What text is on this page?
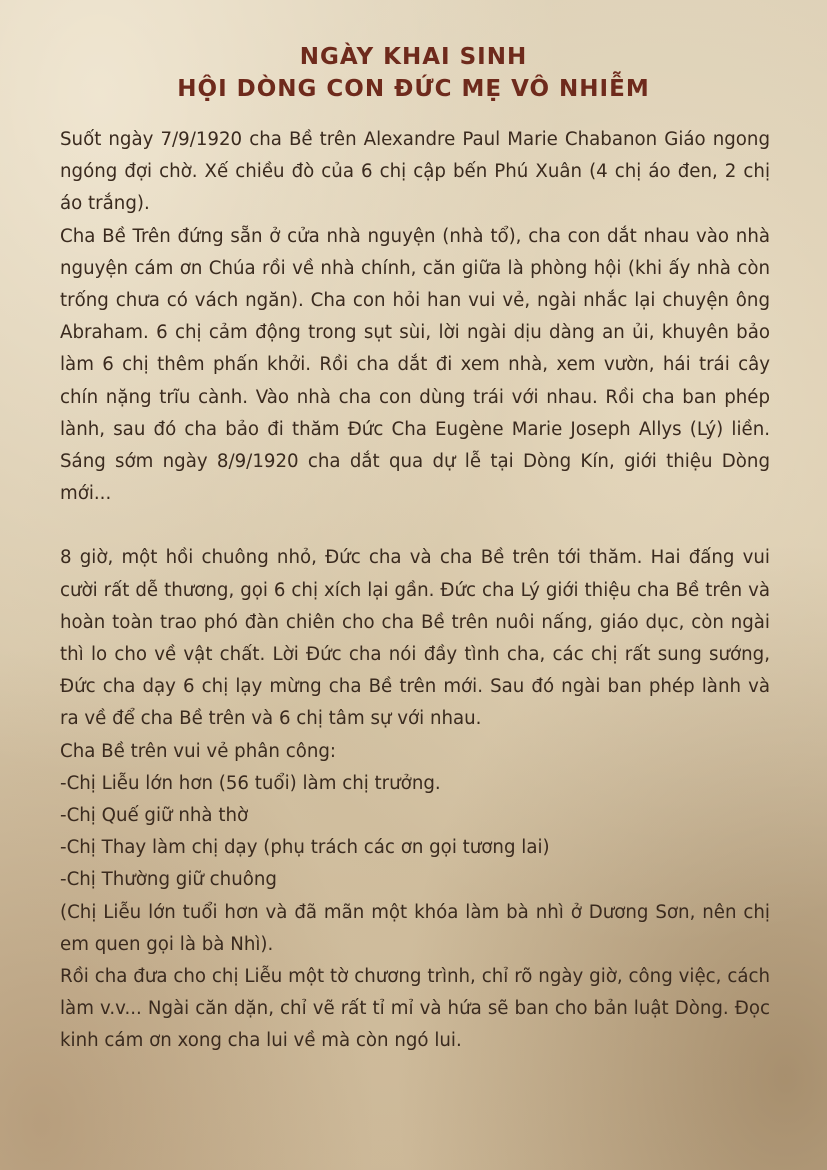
NGÀY KHAI SINH
HỘI DÒNG CON ĐỨC MẸ VÔ NHIỄM

Suốt ngày 7/9/1920 cha Bề trên Alexandre Paul Marie Chabanon Giáo ngong ngóng đợi chờ. Xế chiều đò của 6 chị cập bến Phú Xuân (4 chị áo đen, 2 chị áo trắng).

Cha Bề Trên đứng sẵn ở cửa nhà nguyện (nhà tổ), cha con dắt nhau vào nhà nguyện cám ơn Chúa rồi về nhà chính, căn giữa là phòng hội (khi ấy nhà còn trống chưa có vách ngăn). Cha con hỏi han vui vẻ, ngài nhắc lại chuyện ông Abraham. 6 chị cảm động trong sụt sùi, lời ngài dịu dàng an ủi, khuyên bảo làm 6 chị thêm phấn khởi. Rồi cha dắt đi xem nhà, xem vườn, hái trái cây chín nặng trĩu cành. Vào nhà cha con dùng trái với nhau. Rồi cha ban phép lành, sau đó cha bảo đi thăm Đức Cha Eugène Marie Joseph Allys (Lý) liền. Sáng sớm ngày 8/9/1920 cha dắt qua dự lễ tại Dòng Kín, giới thiệu Dòng mới...

8 giờ, một hồi chuông nhỏ, Đức cha và cha Bề trên tới thăm. Hai đấng vui cười rất dễ thương, gọi 6 chị xích lại gần. Đức cha Lý giới thiệu cha Bề trên và hoàn toàn trao phó đàn chiên cho cha Bề trên nuôi nấng, giáo dục, còn ngài thì lo cho về vật chất. Lời Đức cha nói đầy tình cha, các chị rất sung sướng, Đức cha dạy 6 chị lạy mừng cha Bề trên mới. Sau đó ngài ban phép lành và ra về để cha Bề trên và 6 chị tâm sự với nhau.

Cha Bề trên vui vẻ phân công:

-Chị Liễu lớn hơn (56 tuổi) làm chị trưởng.

-Chị Quế giữ nhà thờ

-Chị Thay làm chị dạy (phụ trách các ơn gọi tương lai)

-Chị Thường giữ chuông

(Chị Liễu lớn tuổi hơn và đã mãn một khóa làm bà nhì ở Dương Sơn, nên chị em quen gọi là bà Nhì).

Rồi cha đưa cho chị Liễu một tờ chương trình, chỉ rõ ngày giờ, công việc, cách làm v.v... Ngài căn dặn, chỉ vẽ rất tỉ mỉ và hứa sẽ ban cho bản luật Dòng. Đọc kinh cám ơn xong cha lui về mà còn ngó lui.
